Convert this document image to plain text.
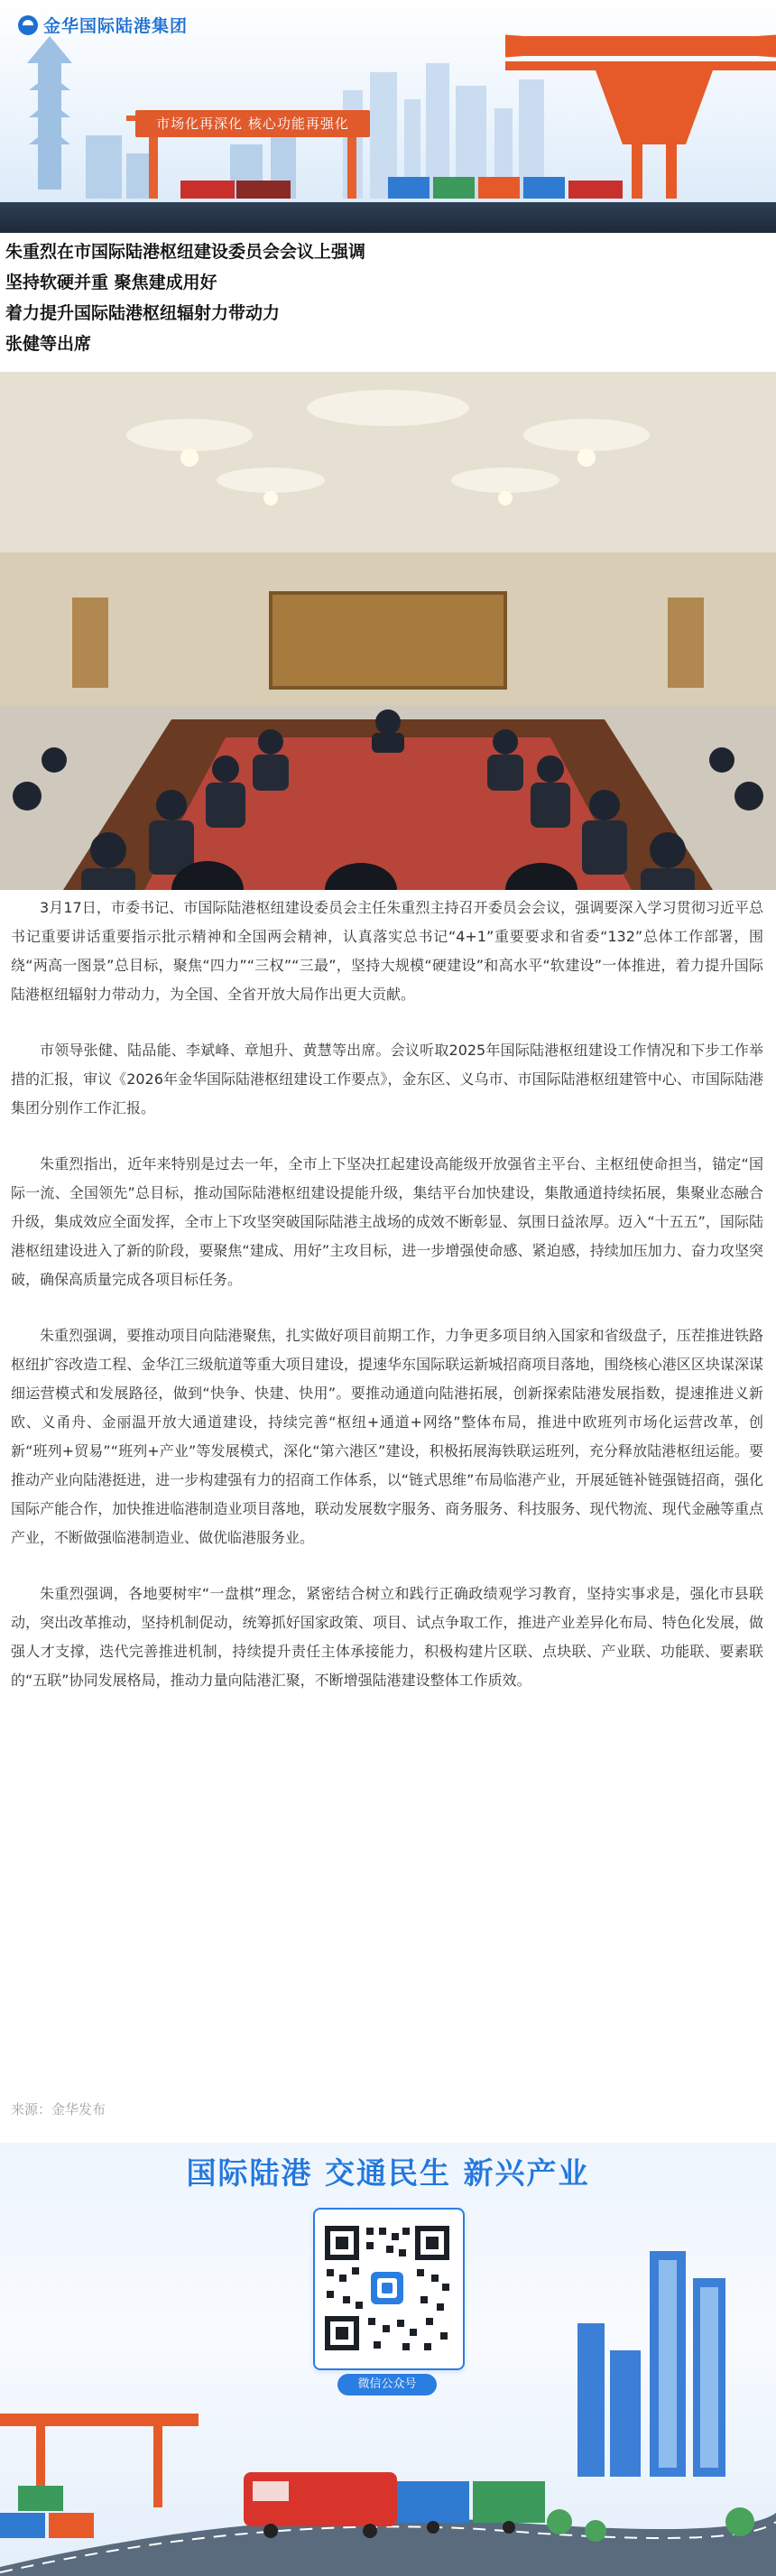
金华国际陆港集团
市场化再深化 核心功能再强化
朱重烈在市国际陆港枢纽建设委员会会议上强调
坚持软硬并重 聚焦建成用好
着力提升国际陆港枢纽辐射力带动力
张健等出席

3月17日，市委书记、市国际陆港枢纽建设委员会主任朱重烈主持召开委员会会议，强调要深入学习贯彻习近平总书记重要讲话重要指示批示精神和全国两会精神，认真落实总书记“4+1”重要要求和省委“132”总体工作部署，围绕“两高一图景”总目标，聚焦“四力”“三权”“三最”，坚持大规模“硬建设”和高水平“软建设”一体推进，着力提升国际陆港枢纽辐射力带动力，为全国、全省开放大局作出更大贡献。

市领导张健、陆品能、李斌峰、章旭升、黄慧等出席。会议听取2025年国际陆港枢纽建设工作情况和下步工作举措的汇报，审议《2026年金华国际陆港枢纽建设工作要点》，金东区、义乌市、市国际陆港枢纽建管中心、市国际陆港集团分别作工作汇报。

朱重烈指出，近年来特别是过去一年，全市上下坚决扛起建设高能级开放强省主平台、主枢纽使命担当，锚定“国际一流、全国领先”总目标，推动国际陆港枢纽建设提能升级，集结平台加快建设，集散通道持续拓展，集聚业态融合升级，集成效应全面发挥，全市上下攻坚突破国际陆港主战场的成效不断彰显、氛围日益浓厚。迈入“十五五”，国际陆港枢纽建设进入了新的阶段，要聚焦“建成、用好”主攻目标，进一步增强使命感、紧迫感，持续加压加力、奋力攻坚突破，确保高质量完成各项目标任务。

朱重烈强调，要推动项目向陆港聚焦，扎实做好项目前期工作，力争更多项目纳入国家和省级盘子，压茬推进铁路枢纽扩容改造工程、金华江三级航道等重大项目建设，提速华东国际联运新城招商项目落地，围绕核心港区区块谋深谋细运营模式和发展路径，做到“快争、快建、快用”。要推动通道向陆港拓展，创新探索陆港发展指数，提速推进义新欧、义甬舟、金丽温开放大通道建设，持续完善“枢纽+通道+网络”整体布局，推进中欧班列市场化运营改革，创新“班列+贸易”“班列+产业”等发展模式，深化“第六港区”建设，积极拓展海铁联运班列，充分释放陆港枢纽运能。要推动产业向陆港挺进，进一步构建强有力的招商工作体系，以“链式思维”布局临港产业，开展延链补链强链招商，强化国际产能合作，加快推进临港制造业项目落地，联动发展数字服务、商务服务、科技服务、现代物流、现代金融等重点产业，不断做强临港制造业、做优临港服务业。

朱重烈强调，各地要树牢“一盘棋”理念，紧密结合树立和践行正确政绩观学习教育，坚持实事求是，强化市县联动，突出改革推动，坚持机制促动，统筹抓好国家政策、项目、试点争取工作，推进产业差异化布局、特色化发展，做强人才支撑，迭代完善推进机制，持续提升责任主体承接能力，积极构建片区联、点块联、产业联、功能联、要素联的“五联”协同发展格局，推动力量向陆港汇聚，不断增强陆港建设整体工作质效。

来源：金华发布
国际陆港 交通民生 新兴产业
微信公众号
